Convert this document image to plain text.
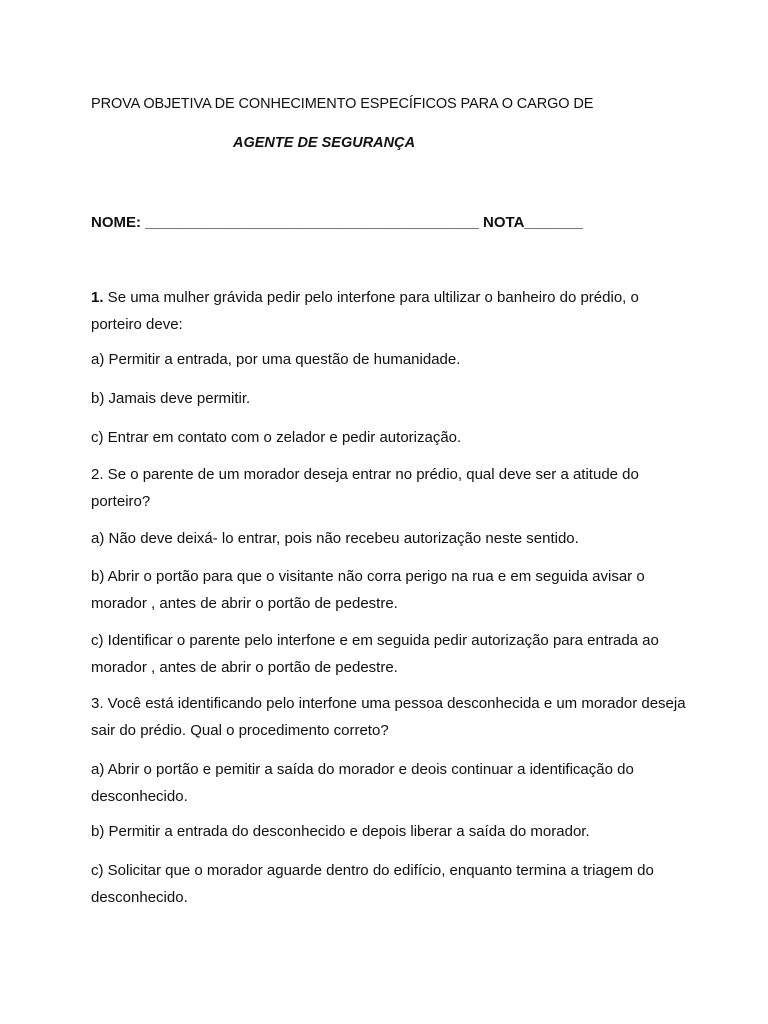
PROVA OBJETIVA DE CONHECIMENTO ESPECÍFICOS PARA O CARGO DE
AGENTE DE SEGURANÇA
NOME: ________________________________________ NOTA_______
1. Se uma mulher grávida pedir pelo interfone para ultilizar o banheiro do prédio, o porteiro deve:
a) Permitir a entrada, por uma questão de humanidade.
b) Jamais deve permitir.
c) Entrar em contato com o zelador e pedir autorização.
2. Se o parente de um morador deseja entrar no prédio, qual deve ser a atitude do porteiro?
a) Não deve deixá- lo entrar, pois não recebeu autorização neste sentido.
b) Abrir o portão para que o visitante não corra perigo na rua e em seguida avisar o morador , antes de abrir o portão de pedestre.
c) Identificar o parente pelo interfone e em seguida pedir autorização para entrada ao morador , antes de abrir o portão de pedestre.
3. Você está identificando pelo interfone uma pessoa desconhecida e um morador deseja sair do prédio. Qual o procedimento correto?
a) Abrir o portão e pemitir a saída do morador e deois continuar a identificação do desconhecido.
b) Permitir a entrada do desconhecido e depois liberar a saída do morador.
c) Solicitar que o morador aguarde dentro do edifício, enquanto termina a triagem do desconhecido.
